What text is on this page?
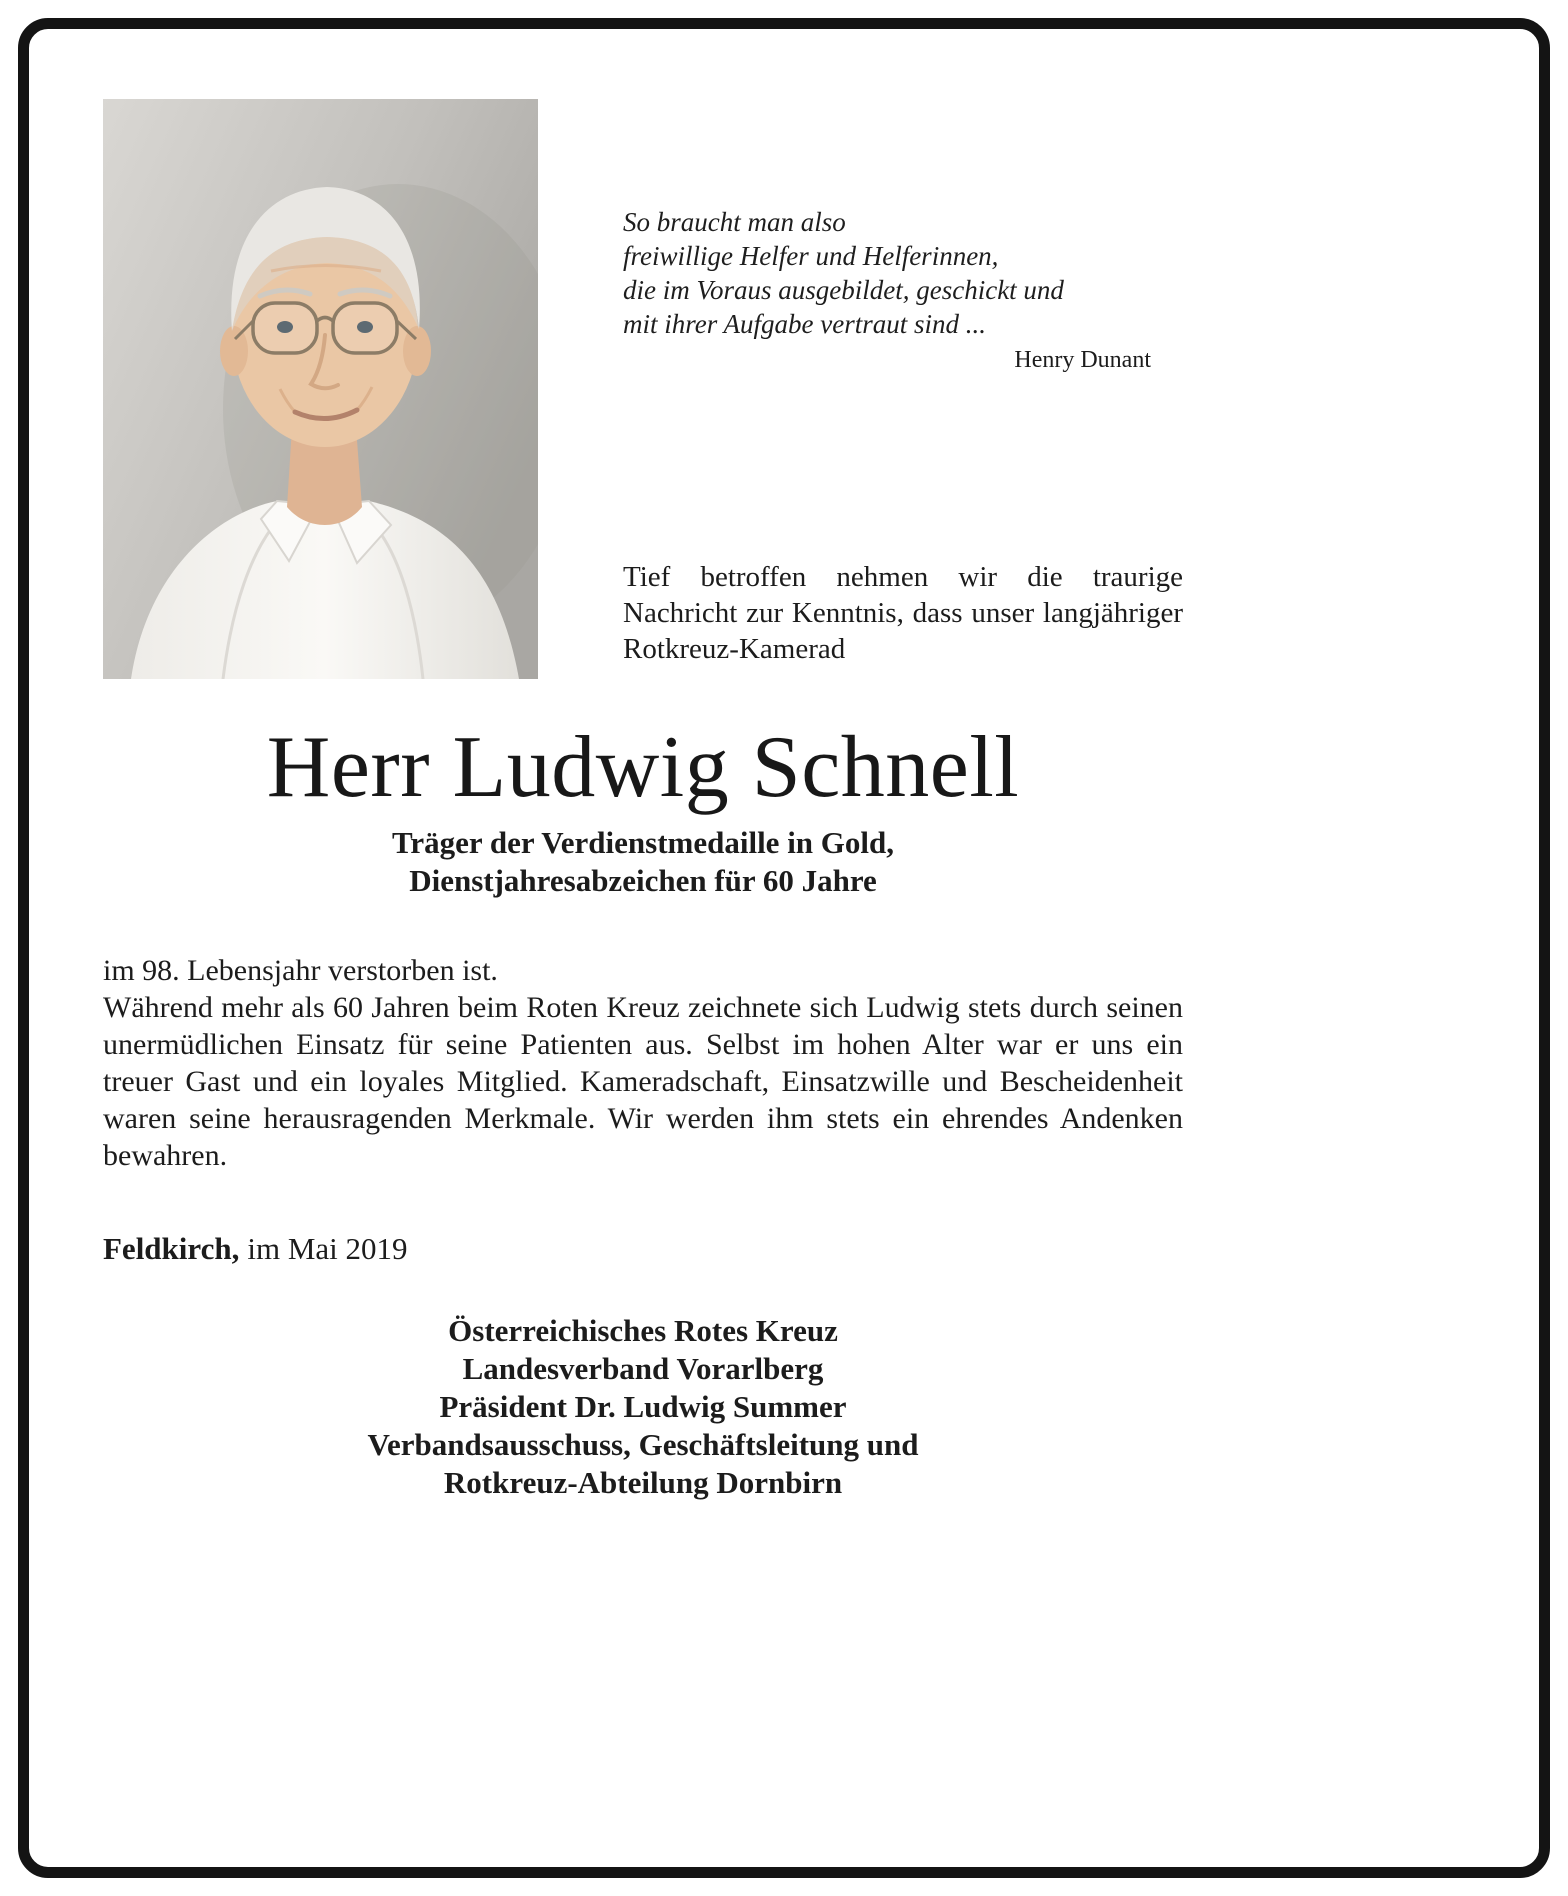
So braucht man also
freiwillige Helfer und Helferinnen,
die im Voraus ausgebildet, geschickt und
mit ihrer Aufgabe vertraut sind ...
Henry Dunant
Tief betroffen nehmen wir die traurige Nachricht zur Kenntnis, dass unser langjähriger Rotkreuz-Kamerad
Herr Ludwig Schnell
Träger der Verdienstmedaille in Gold,
Dienstjahresabzeichen für 60 Jahre
im 98. Lebensjahr verstorben ist.
Während mehr als 60 Jahren beim Roten Kreuz zeichnete sich Ludwig stets durch seinen unermüdlichen Einsatz für seine Patienten aus. Selbst im hohen Alter war er uns ein treuer Gast und ein loyales Mitglied. Kameradschaft, Einsatzwille und Bescheidenheit waren seine herausragenden Merkmale. Wir werden ihm stets ein ehrendes Andenken bewahren.
Feldkirch, im Mai 2019
Österreichisches Rotes Kreuz
Landesverband Vorarlberg
Präsident Dr. Ludwig Summer
Verbandsausschuss, Geschäftsleitung und
Rotkreuz-Abteilung Dornbirn
